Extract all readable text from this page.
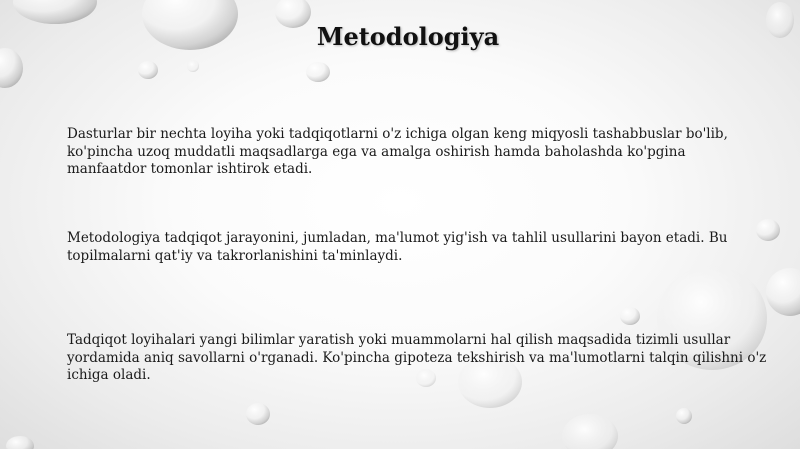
Metodologiya

Dasturlar bir nechta loyiha yoki tadqiqotlarni o'z ichiga olgan keng miqyosli tashabbuslar bo'lib, ko'pincha uzoq muddatli maqsadlarga ega va amalga oshirish hamda baholashda ko'pgina manfaatdor tomonlar ishtirok etadi.

Metodologiya tadqiqot jarayonini, jumladan, ma'lumot yig'ish va tahlil usullarini bayon etadi. Bu topilmalarni qat'iy va takrorlanishini ta'minlaydi.

Tadqiqot loyihalari yangi bilimlar yaratish yoki muammolarni hal qilish maqsadida tizimli usullar yordamida aniq savollarni o'rganadi. Ko'pincha gipoteza tekshirish va ma'lumotlarni talqin qilishni o'z ichiga oladi.
